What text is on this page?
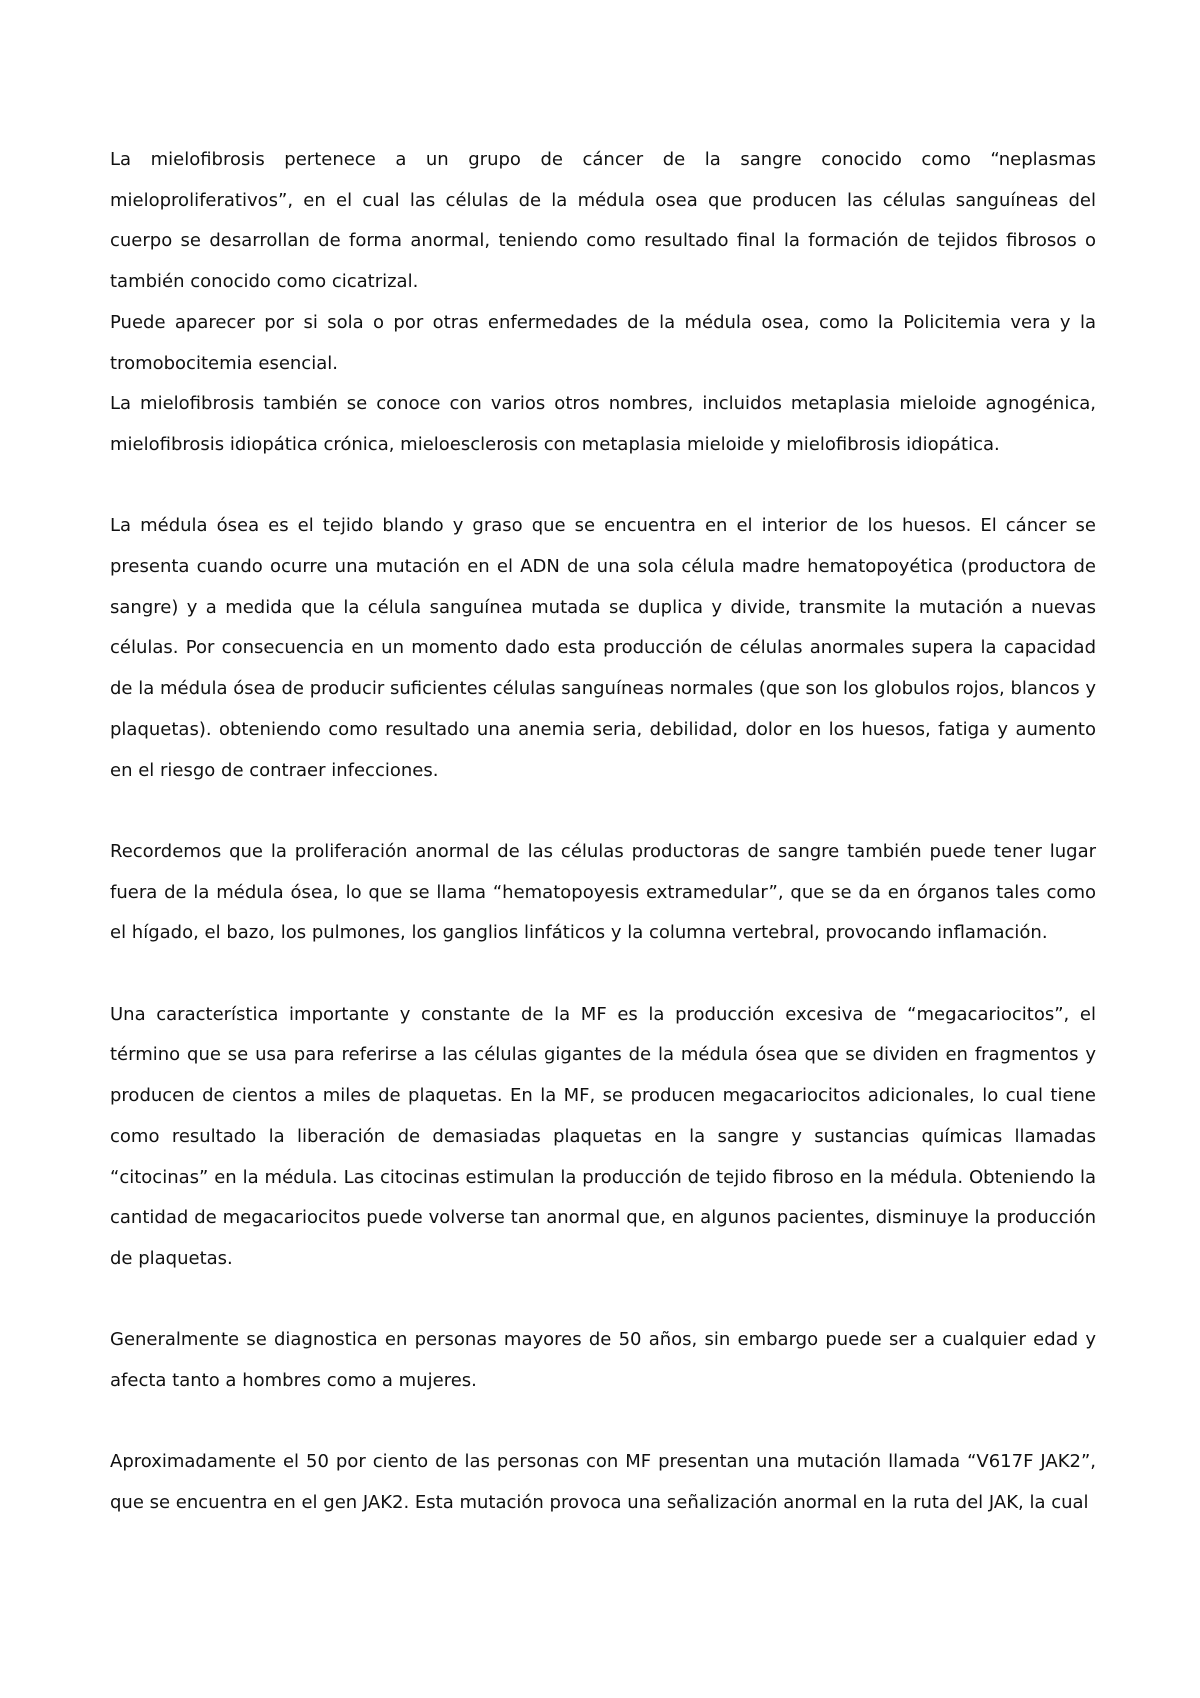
La mielofibrosis pertenece a un grupo de cáncer de la sangre conocido como “neplasmas mieloproliferativos”, en el cual las células de la médula osea que producen las células sanguíneas del cuerpo se desarrollan de forma anormal, teniendo como resultado final la formación de tejidos fibrosos o también conocido como cicatrizal.

Puede aparecer por si sola o por otras enfermedades de la médula osea, como la Policitemia vera y la tromobocitemia esencial.

La mielofibrosis también se conoce con varios otros nombres, incluidos metaplasia mieloide agnogénica, mielofibrosis idiopática crónica, mieloesclerosis con metaplasia mieloide y mielofibrosis idiopática.

La médula ósea es el tejido blando y graso que se encuentra en el interior de los huesos. El cáncer se presenta cuando ocurre una mutación en el ADN de una sola célula madre hematopoyética (productora de sangre) y a medida que la célula sanguínea mutada se duplica y divide, transmite la mutación a nuevas células. Por consecuencia en un momento dado esta producción de células anormales supera la capacidad de la médula ósea de producir suficientes células sanguíneas normales (que son los globulos rojos, blancos y plaquetas). obteniendo como resultado una anemia seria, debilidad, dolor en los huesos, fatiga y aumento en el riesgo de contraer infecciones.

Recordemos que la proliferación anormal de las células productoras de sangre también puede tener lugar fuera de la médula ósea, lo que se llama “hematopoyesis extramedular”, que se da en órganos tales como el hígado, el bazo, los pulmones, los ganglios linfáticos y la columna vertebral, provocando inflamación.

Una característica importante y constante de la MF es la producción excesiva de “megacariocitos”, el término que se usa para referirse a las células gigantes de la médula ósea que se dividen en fragmentos y producen de cientos a miles de plaquetas. En la MF, se producen megacariocitos adicionales, lo cual tiene como resultado la liberación de demasiadas plaquetas en la sangre y sustancias químicas llamadas “citocinas” en la médula. Las citocinas estimulan la producción de tejido fibroso en la médula. Obteniendo la cantidad de megacariocitos puede volverse tan anormal que, en algunos pacientes, disminuye la producción de plaquetas.

Generalmente se diagnostica en personas mayores de 50 años, sin embargo puede ser a cualquier edad y afecta tanto a hombres como a mujeres.

Aproximadamente el 50 por ciento de las personas con MF presentan una mutación llamada “V617F JAK2”, que se encuentra en el gen JAK2. Esta mutación provoca una señalización anormal en la ruta del JAK, la cual
